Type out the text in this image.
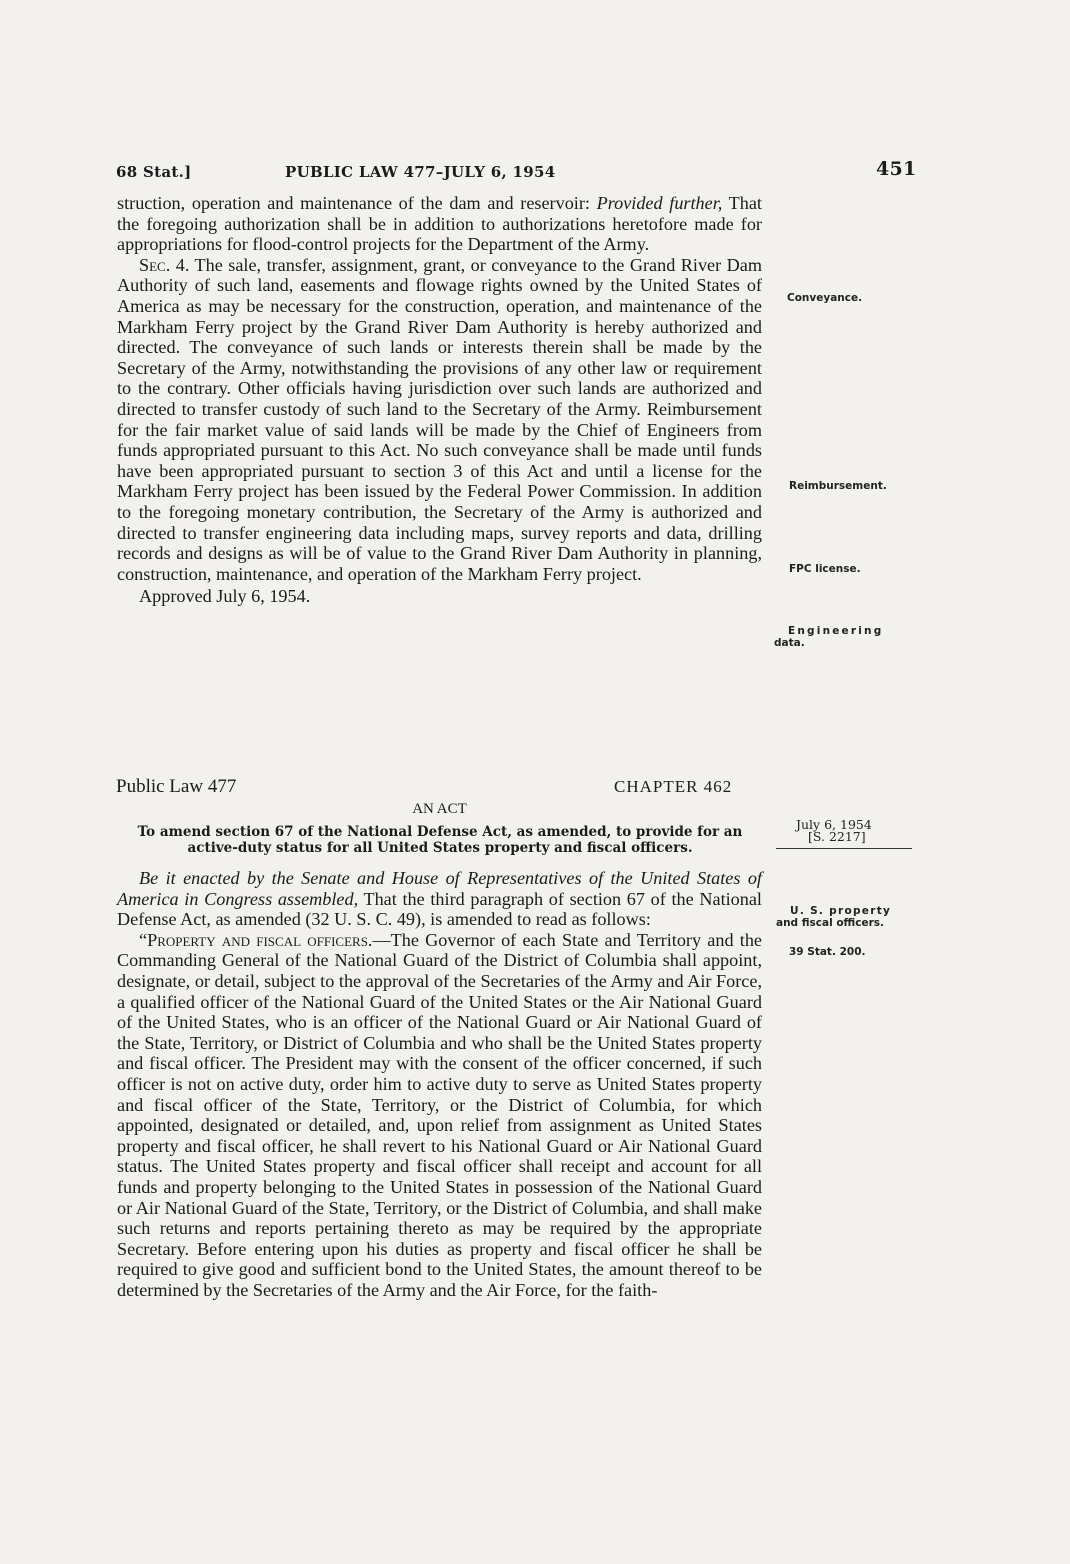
68 Stat.]	PUBLIC LAW 477–JULY 6, 1954	451

struction, operation and maintenance of the dam and reservoir: Provided further, That the foregoing authorization shall be in addition to authorizations heretofore made for appropriations for flood-control projects for the Department of the Army.

Sec. 4. The sale, transfer, assignment, grant, or conveyance to the Grand River Dam Authority of such land, easements and flowage rights owned by the United States of America as may be necessary for the construction, operation, and maintenance of the Markham Ferry project by the Grand River Dam Authority is hereby authorized and directed. The conveyance of such lands or interests therein shall be made by the Secretary of the Army, notwithstanding the provisions of any other law or requirement to the contrary. Other officials having jurisdiction over such lands are authorized and directed to transfer custody of such land to the Secretary of the Army. Reimbursement for the fair market value of said lands will be made by the Chief of Engineers from funds appropriated pursuant to this Act. No such conveyance shall be made until funds have been appropriated pursuant to section 3 of this Act and until a license for the Markham Ferry project has been issued by the Federal Power Commission. In addition to the foregoing monetary contribution, the Secretary of the Army is authorized and directed to transfer engineering data including maps, survey reports and data, drilling records and designs as will be of value to the Grand River Dam Authority in planning, construction, maintenance, and operation of the Markham Ferry project.

Approved July 6, 1954.

Conveyance.
Reimbursement.
FPC license.
Engineering
data.
Public Law 477	CHAPTER 462
AN ACT
To amend section 67 of the National Defense Act, as amended, to provide for an
active-duty status for all United States property and fiscal officers.
July 6, 1954
[S. 2217]

Be it enacted by the Senate and House of Representatives of the United States of America in Congress assembled, That the third paragraph of section 67 of the National Defense Act, as amended (32 U. S. C. 49), is amended to read as follows:

“Property and fiscal officers.—The Governor of each State and Territory and the Commanding General of the National Guard of the District of Columbia shall appoint, designate, or detail, subject to the approval of the Secretaries of the Army and Air Force, a qualified officer of the National Guard of the United States or the Air National Guard of the United States, who is an officer of the National Guard or Air National Guard of the State, Territory, or District of Columbia and who shall be the United States property and fiscal officer. The President may with the consent of the officer concerned, if such officer is not on active duty, order him to active duty to serve as United States property and fiscal officer of the State, Territory, or the District of Columbia, for which appointed, designated or detailed, and, upon relief from assignment as United States property and fiscal officer, he shall revert to his National Guard or Air National Guard status. The United States property and fiscal officer shall receipt and account for all funds and property belonging to the United States in possession of the National Guard or Air National Guard of the State, Territory, or the District of Columbia, and shall make such returns and reports pertaining thereto as may be required by the appropriate Secretary. Before entering upon his duties as property and fiscal officer he shall be required to give good and sufficient bond to the United States, the amount thereof to be determined by the Secretaries of the Army and the Air Force, for the faith-

U. S. property
and fiscal officers.
39 Stat. 200.
